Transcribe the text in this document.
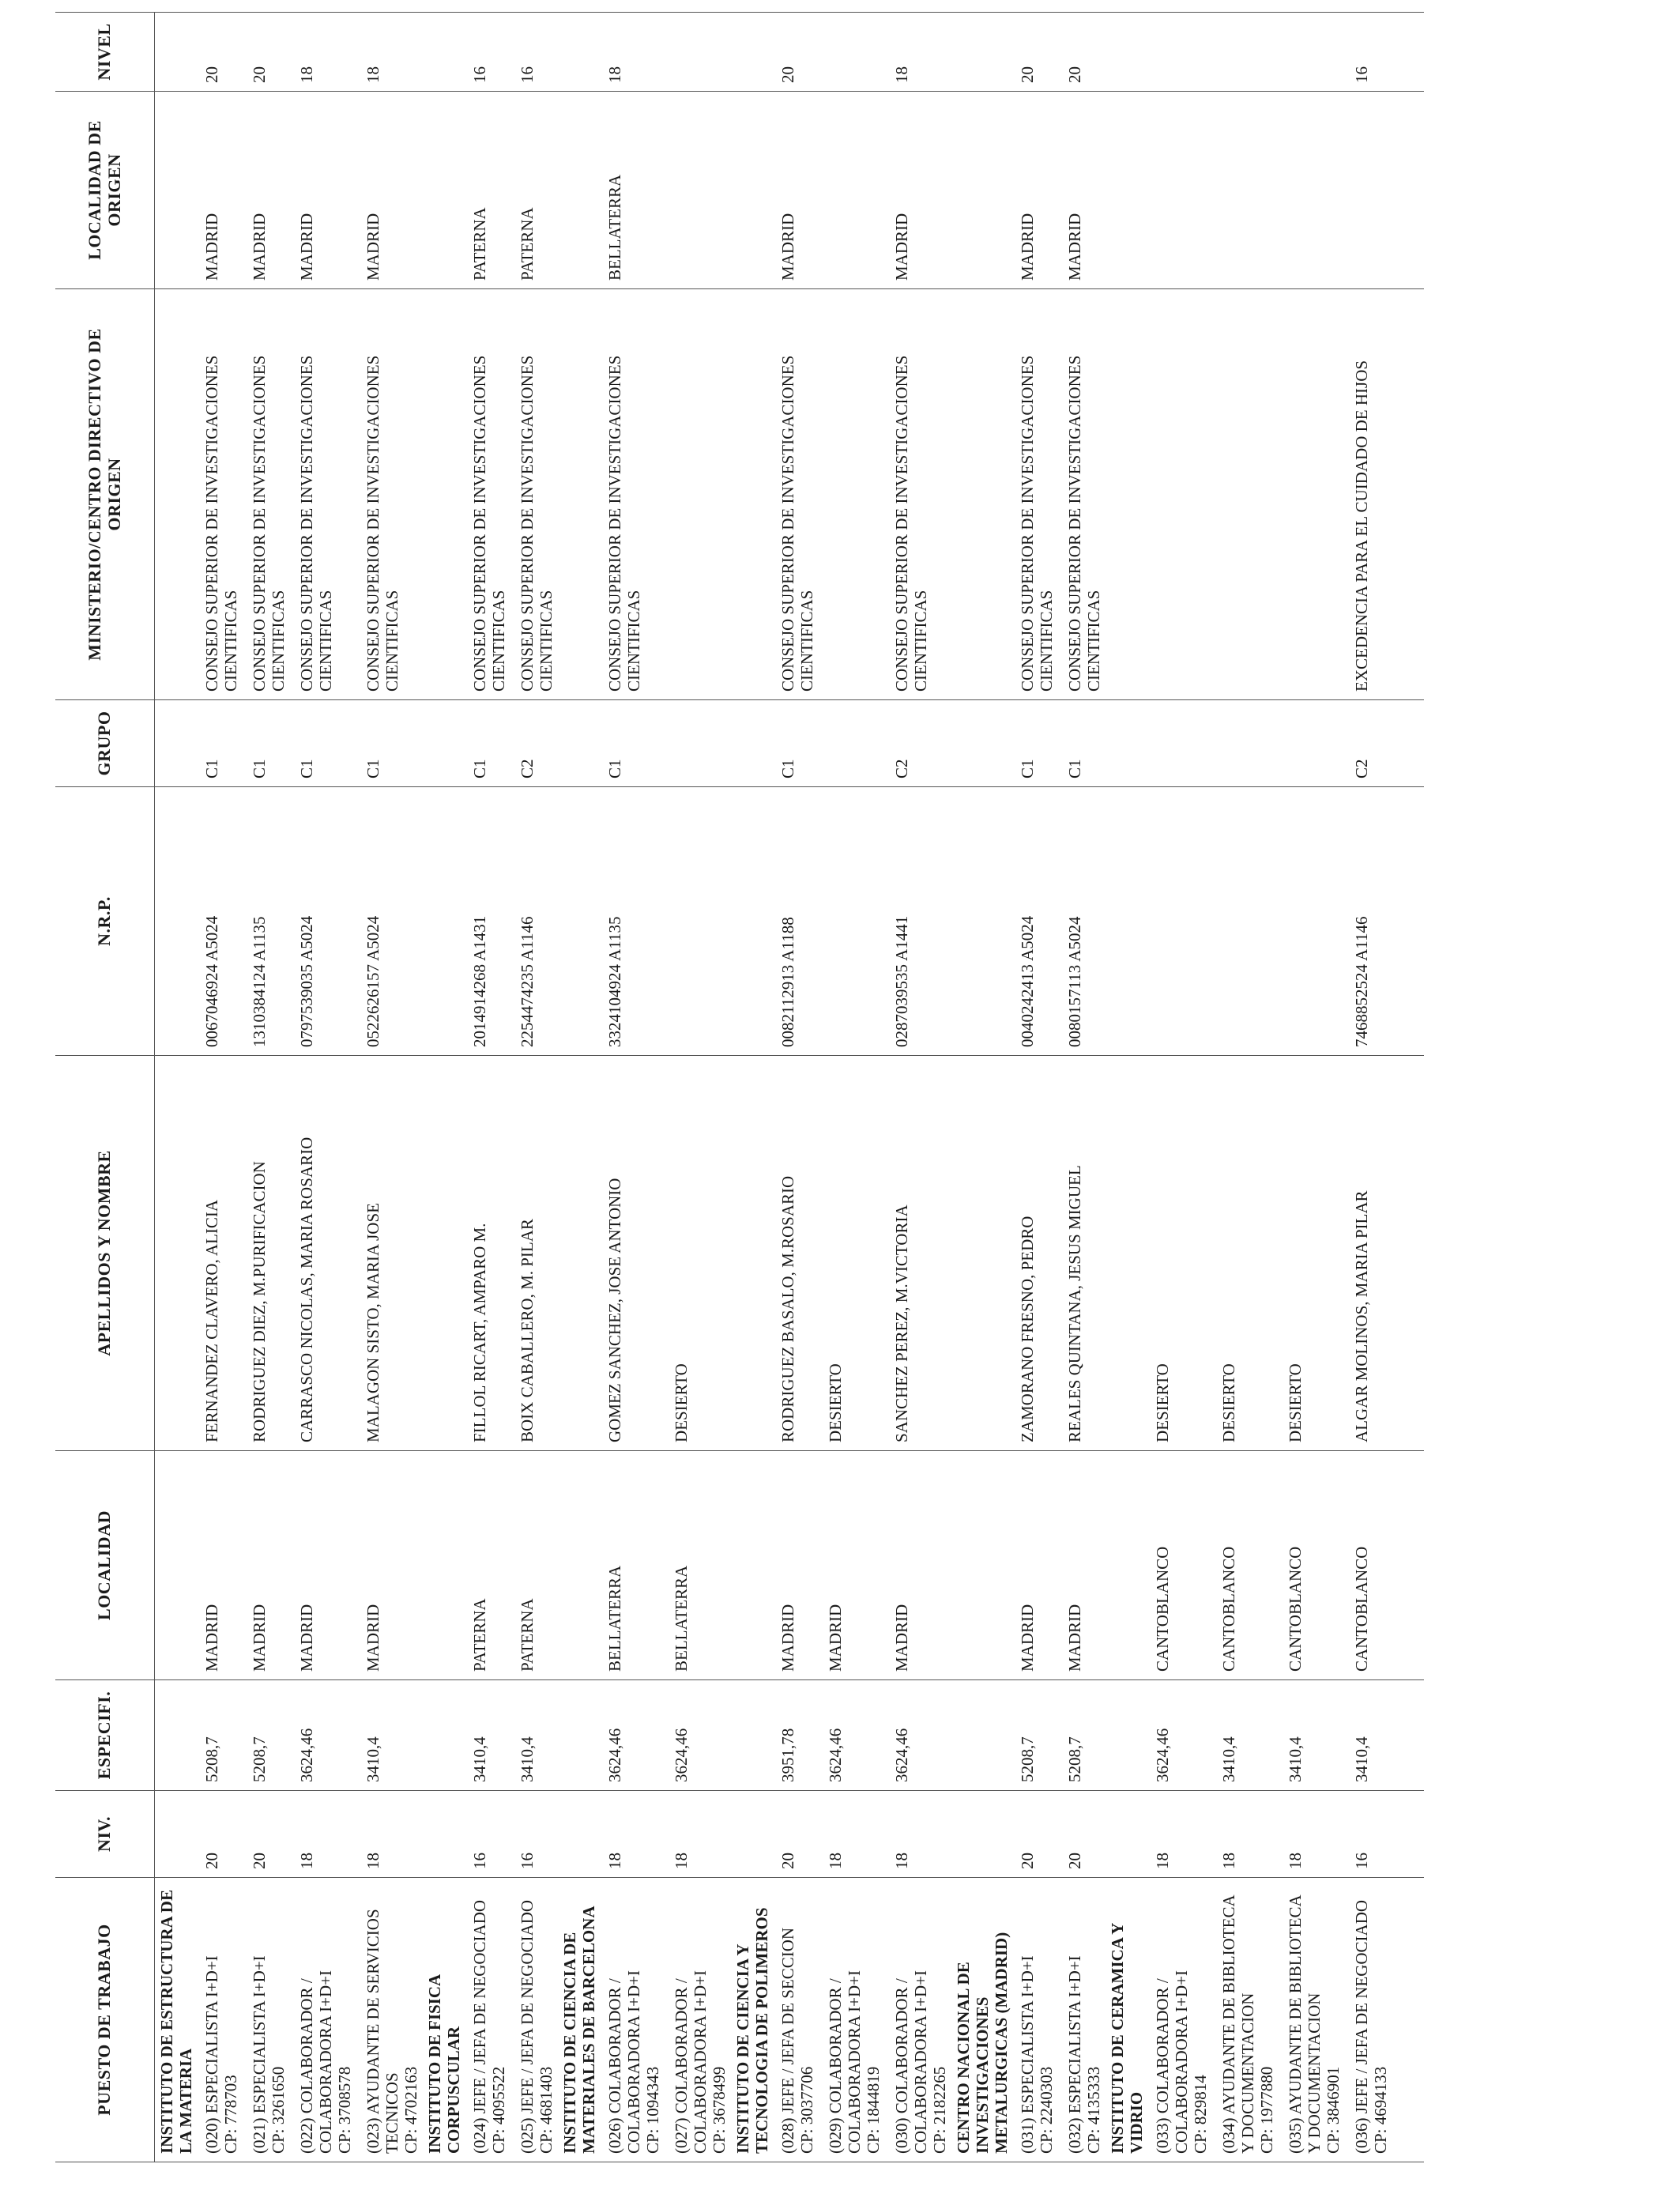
PUESTO DE TRABAJO	NIV.	ESPECIFI.	LOCALIDAD	APELLIDOS Y NOMBRE	N.R.P.	GRUPO	MINISTERIO/CENTRO DIRECTIVO DE ORIGEN	LOCALIDAD DE ORIGEN	NIVEL
INSTITUTO DE ESTRUCTURA DE LA MATERIA									
(020) ESPECIALISTA I+D+I CP: 778703	20	5208,7	MADRID	FERNANDEZ CLAVERO, ALICIA	0067046924 A5024	C1	CONSEJO SUPERIOR DE INVESTIGACIONES CIENTIFICAS	MADRID	20
(021) ESPECIALISTA I+D+I CP: 3261650	20	5208,7	MADRID	RODRIGUEZ DIEZ, M.PURIFICACION	1310384124 A1135	C1	CONSEJO SUPERIOR DE INVESTIGACIONES CIENTIFICAS	MADRID	20
(022) COLABORADOR / COLABORADORA I+D+I CP: 3708578	18	3624,46	MADRID	CARRASCO NICOLAS, MARIA ROSARIO	0797539035 A5024	C1	CONSEJO SUPERIOR DE INVESTIGACIONES CIENTIFICAS	MADRID	18
(023) AYUDANTE DE SERVICIOS TECNICOS CP: 4702163	18	3410,4	MADRID	MALAGON SISTO, MARIA JOSE	0522626157 A5024	C1	CONSEJO SUPERIOR DE INVESTIGACIONES CIENTIFICAS	MADRID	18
INSTITUTO DE FISICA CORPUSCULAR									
(024) JEFE / JEFA DE NEGOCIADO CP: 4095522	16	3410,4	PATERNA	FILLOL RICART, AMPARO M.	2014914268 A1431	C1	CONSEJO SUPERIOR DE INVESTIGACIONES CIENTIFICAS	PATERNA	16
(025) JEFE / JEFA DE NEGOCIADO CP: 4681403	16	3410,4	PATERNA	BOIX CABALLERO, M. PILAR	2254474235 A1146	C2	CONSEJO SUPERIOR DE INVESTIGACIONES CIENTIFICAS	PATERNA	16
INSTITUTO DE CIENCIA DE MATERIALES DE BARCELONA									
(026) COLABORADOR / COLABORADORA I+D+I CP: 1094343	18	3624,46	BELLATERRA	GOMEZ SANCHEZ, JOSE ANTONIO	3324104924 A1135	C1	CONSEJO SUPERIOR DE INVESTIGACIONES CIENTIFICAS	BELLATERRA	18
(027) COLABORADOR / COLABORADORA I+D+I CP: 3678499	18	3624,46	BELLATERRA	DESIERTO					
INSTITUTO DE CIENCIA Y TECNOLOGIA DE POLIMEROS									
(028) JEFE / JEFA DE SECCION CP: 3037706	20	3951,78	MADRID	RODRIGUEZ BASALO, M.ROSARIO	0082112913 A1188	C1	CONSEJO SUPERIOR DE INVESTIGACIONES CIENTIFICAS	MADRID	20
(029) COLABORADOR / COLABORADORA I+D+I CP: 1844819	18	3624,46	MADRID	DESIERTO					
(030) COLABORADOR / COLABORADORA I+D+I CP: 2182265	18	3624,46	MADRID	SANCHEZ PEREZ, M.VICTORIA	0287039535 A1441	C2	CONSEJO SUPERIOR DE INVESTIGACIONES CIENTIFICAS	MADRID	18
CENTRO NACIONAL DE INVESTIGACIONES METALURGICAS (MADRID)									
(031) ESPECIALISTA I+D+I CP: 2240303	20	5208,7	MADRID	ZAMORANO FRESNO, PEDRO	0040242413 A5024	C1	CONSEJO SUPERIOR DE INVESTIGACIONES CIENTIFICAS	MADRID	20
(032) ESPECIALISTA I+D+I CP: 4135333	20	5208,7	MADRID	REALES QUINTANA, JESUS MIGUEL	0080157113 A5024	C1	CONSEJO SUPERIOR DE INVESTIGACIONES CIENTIFICAS	MADRID	20
INSTITUTO DE CERAMICA Y VIDRIO									
(033) COLABORADOR / COLABORADORA I+D+I CP: 829814	18	3624,46	CANTOBLANCO	DESIERTO					
(034) AYUDANTE DE BIBLIOTECA Y DOCUMENTACION CP: 1977880	18	3410,4	CANTOBLANCO	DESIERTO					
(035) AYUDANTE DE BIBLIOTECA Y DOCUMENTACION CP: 3846901	18	3410,4	CANTOBLANCO	DESIERTO					
(036) JEFE / JEFA DE NEGOCIADO CP: 4694133	16	3410,4	CANTOBLANCO	ALGAR MOLINOS, MARIA PILAR	7468852524 A1146	C2	EXCEDENCIA PARA EL CUIDADO DE HIJOS		16
